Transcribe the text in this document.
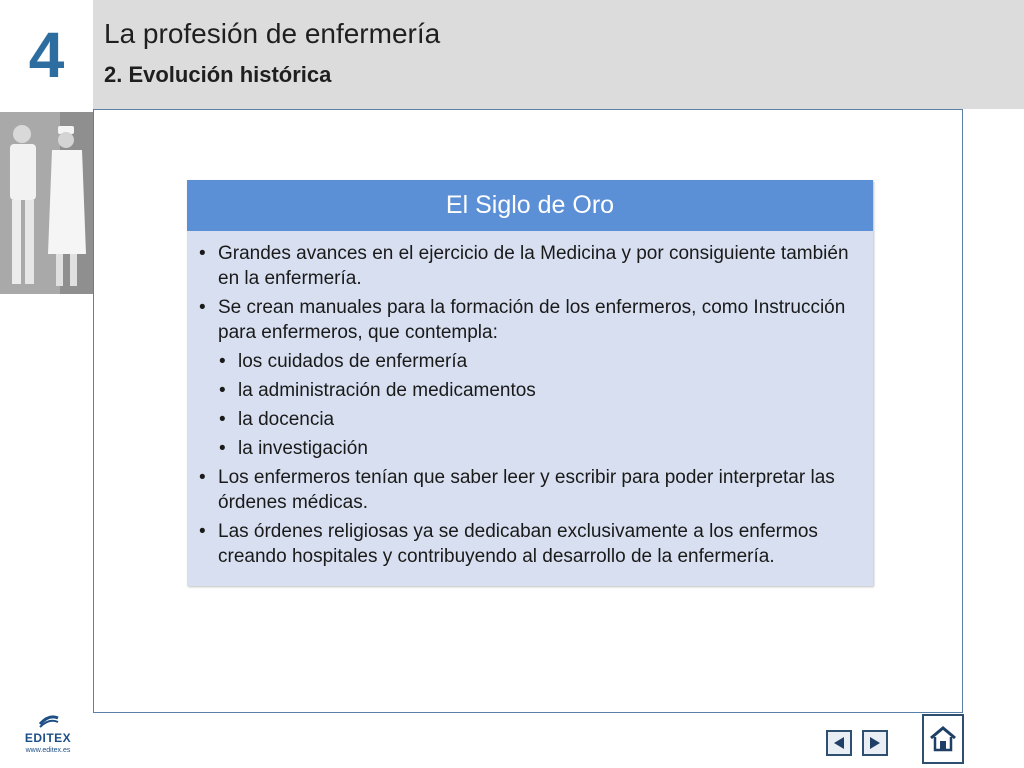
4	La profesión de enfermería
2. Evolución histórica
El Siglo de Oro
• Grandes avances en el ejercicio de la Medicina y por consiguiente también en la enfermería.
• Se crean manuales para la formación de los enfermeros, como Instrucción para enfermeros, que contempla:
• los cuidados de enfermería
• la administración de medicamentos
• la docencia
• la investigación
• Los enfermeros tenían que saber leer y escribir para poder interpretar las órdenes médicas.
• Las órdenes religiosas ya se dedicaban exclusivamente a los enfermos creando hospitales y contribuyendo al desarrollo de la enfermería.
EDITEX
www.editex.es
